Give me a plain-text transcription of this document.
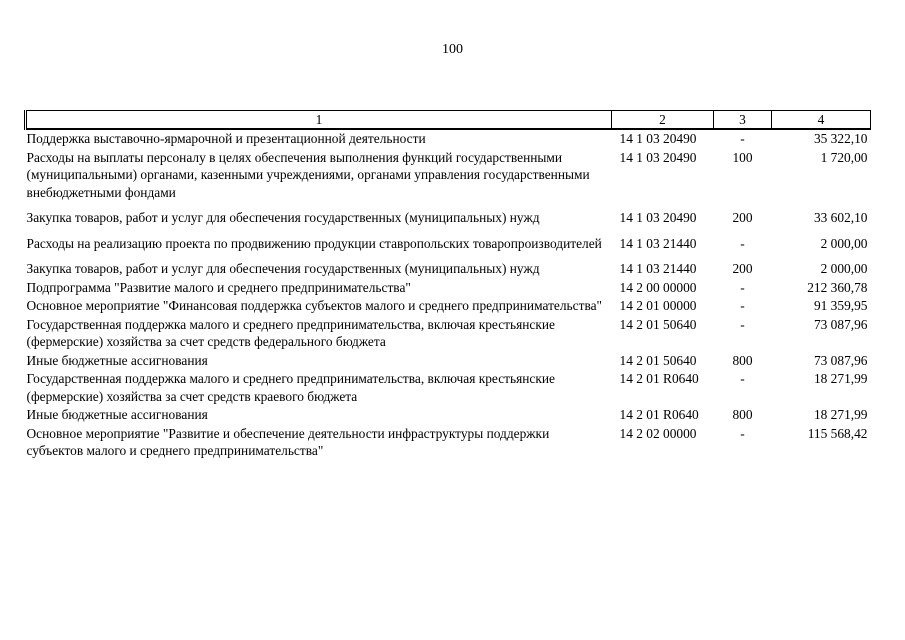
100
1	2	3	4
Поддержка выставочно-ярмарочной и презентационной деятельности	14 1 03 20490	-	35 322,10
Расходы на выплаты персоналу в целях обеспечения выполнения функций государственными (муниципальными) органами, казенными учреждениями, органами управления государственными внебюджетными фондами	14 1 03 20490	100	1 720,00
Закупка товаров, работ и услуг для обеспечения государственных (муниципальных) нужд	14 1 03 20490	200	33 602,10
Расходы на реализацию проекта по продвижению продукции ставропольских товаропроизводителей	14 1 03 21440	-	2 000,00
Закупка товаров, работ и услуг для обеспечения государственных (муниципальных) нужд	14 1 03 21440	200	2 000,00
Подпрограмма "Развитие малого и среднего предпринимательства"	14 2 00 00000	-	212 360,78
Основное мероприятие "Финансовая поддержка субъектов малого и среднего предпринимательства"	14 2 01 00000	-	91 359,95
Государственная поддержка малого и среднего предпринимательства, включая крестьянские (фермерские) хозяйства за счет средств федерального бюджета	14 2 01 50640	-	73 087,96
Иные бюджетные ассигнования	14 2 01 50640	800	73 087,96
Государственная поддержка малого и среднего предпринимательства, включая крестьянские (фермерские) хозяйства за счет средств краевого бюджета	14 2 01 R0640	-	18 271,99
Иные бюджетные ассигнования	14 2 01 R0640	800	18 271,99
Основное мероприятие "Развитие и обеспечение деятельности инфраструктуры поддержки субъектов малого и среднего предпринимательства"	14 2 02 00000	-	115 568,42
